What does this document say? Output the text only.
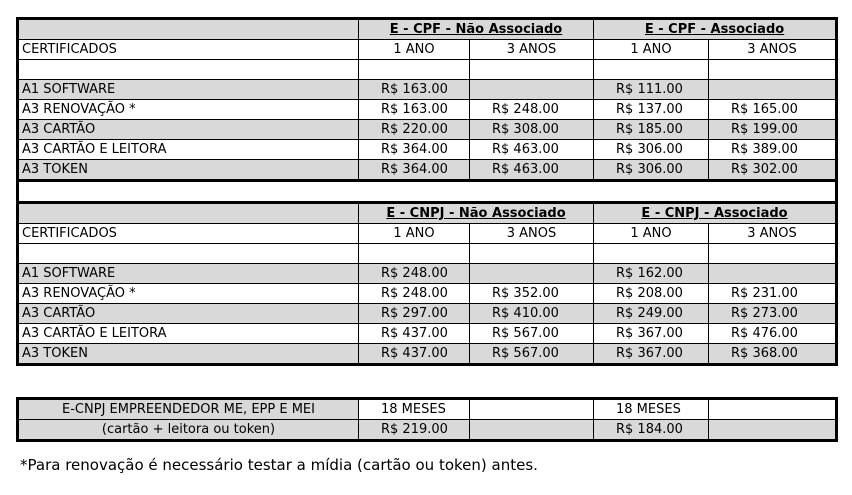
	E - CPF - Não Associado		E - CPF - Associado	
CERTIFICADOS	1 ANO	3 ANOS	1 ANO	3 ANOS

A1 SOFTWARE	R$ 163.00		R$ 111.00	
A3 RENOVAÇÃO *	R$ 163.00	R$ 248.00	R$ 137.00	R$ 165.00
A3 CARTÃO	R$ 220.00	R$ 308.00	R$ 185.00	R$ 199.00
A3 CARTÃO E LEITORA	R$ 364.00	R$ 463.00	R$ 306.00	R$ 389.00
A3 TOKEN	R$ 364.00	R$ 463.00	R$ 306.00	R$ 302.00

	E - CNPJ - Não Associado		E - CNPJ - Associado	
CERTIFICADOS	1 ANO	3 ANOS	1 ANO	3 ANOS

A1 SOFTWARE	R$ 248.00		R$ 162.00	
A3 RENOVAÇÃO *	R$ 248.00	R$ 352.00	R$ 208.00	R$ 231.00
A3 CARTÃO	R$ 297.00	R$ 410.00	R$ 249.00	R$ 273.00
A3 CARTÃO E LEITORA	R$ 437.00	R$ 567.00	R$ 367.00	R$ 476.00
A3 TOKEN	R$ 437.00	R$ 567.00	R$ 367.00	R$ 368.00
E-CNPJ EMPREENDEDOR ME, EPP E MEI	18 MESES		18 MESES	
(cartão + leitora ou token)	R$ 219.00		R$ 184.00	
*Para renovação é necessário testar a mídia (cartão ou token) antes.
